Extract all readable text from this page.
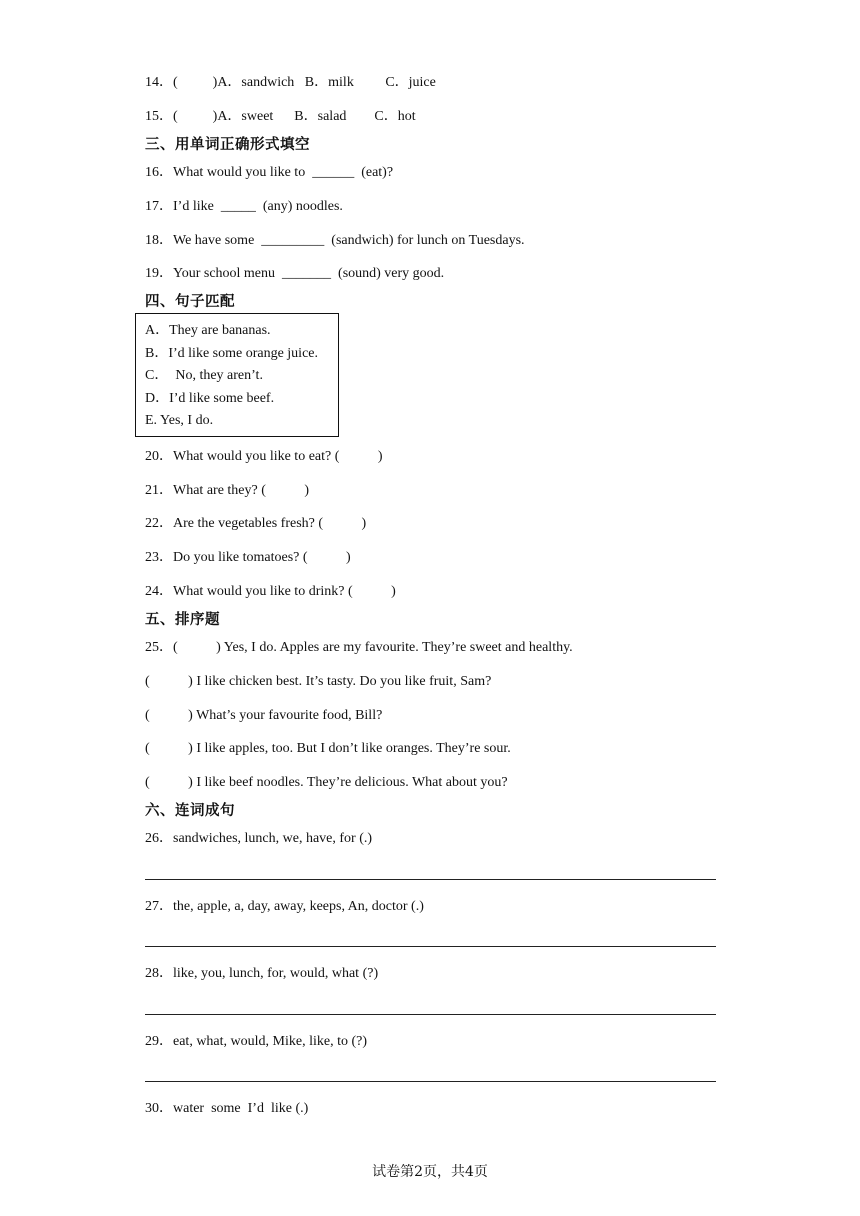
14．(          )A．sandwich   B．milk         C．juice
15．(          )A．sweet      B．salad        C．hot
三、用单词正确形式填空
16．What would you like to  ______  (eat)?
17．I’d like  _____  (any) noodles.
18．We have some  _________  (sandwich) for lunch on Tuesdays.
19．Your school menu  _______  (sound) very good.
四、句子匹配
A．They are bananas.
B．I’d like some orange juice.
C．  No, they aren’t.
D．I’d like some beef.
E. Yes, I do.
20．What would you like to eat? (           )
21．What are they? (           )
22．Are the vegetables fresh? (           )
23．Do you like tomatoes? (           )
24．What would you like to drink? (           )
五、排序题
25．(           ) Yes, I do. Apples are my favourite. They’re sweet and healthy.
(           ) I like chicken best. It’s tasty. Do you like fruit, Sam?
(           ) What’s your favourite food, Bill?
(           ) I like apples, too. But I don’t like oranges. They’re sour.
(           ) I like beef noodles. They’re delicious. What about you?
六、连词成句
26．sandwiches, lunch, we, have, for (.)
27．the, apple, a, day, away, keeps, An, doctor (.)
28．like, you, lunch, for, would, what (?)
29．eat, what, would, Mike, like, to (?)
30．water  some  I’d  like (.)
试卷第2页，共4页
